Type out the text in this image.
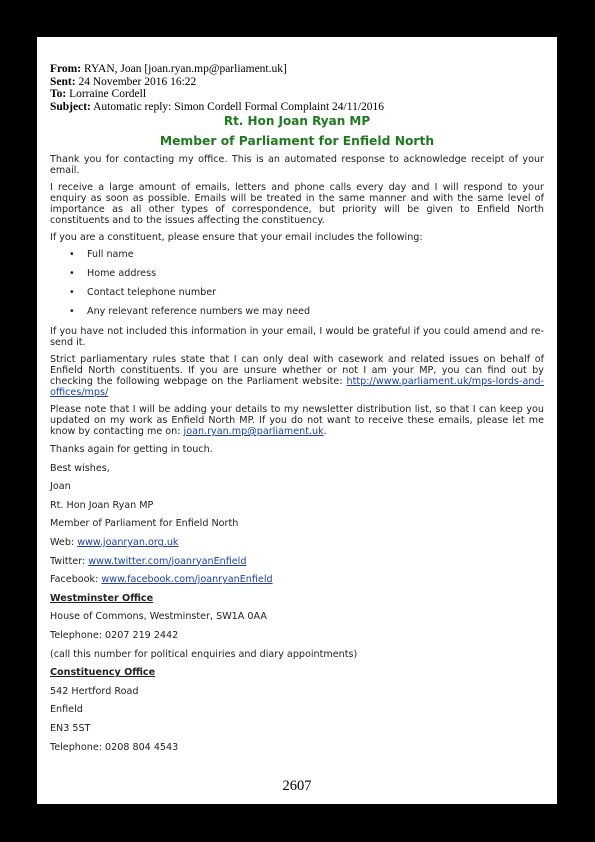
From: RYAN, Joan [joan.ryan.mp@parliament.uk]
Sent: 24 November 2016 16:22
To: Lorraine Cordell
Subject: Automatic reply: Simon Cordell Formal Complaint 24/11/2016
Rt. Hon Joan Ryan MP
Member of Parliament for Enfield North

Thank you for contacting my office. This is an automated response to acknowledge receipt of your email.

I receive a large amount of emails, letters and phone calls every day and I will respond to your enquiry as soon as possible. Emails will be treated in the same manner and with the same level of importance as all other types of correspondence, but priority will be given to Enfield North constituents and to the issues affecting the constituency.

If you are a constituent, please ensure that your email includes the following:

• Full name
• Home address
• Contact telephone number
• Any relevant reference numbers we may need

If you have not included this information in your email, I would be grateful if you could amend and re-send it.

Strict parliamentary rules state that I can only deal with casework and related issues on behalf of Enfield North constituents. If you are unsure whether or not I am your MP, you can find out by checking the following webpage on the Parliament website: http://www.parliament.uk/mps-lords-and-offices/mps/

Please note that I will be adding your details to my newsletter distribution list, so that I can keep you updated on my work as Enfield North MP. If you do not want to receive these emails, please let me know by contacting me on: joan.ryan.mp@parliament.uk.

Thanks again for getting in touch.
Best wishes,
Joan
Rt. Hon Joan Ryan MP
Member of Parliament for Enfield North
Web: www.joanryan.org.uk
Twitter: www.twitter.com/joanryanEnfield
Facebook: www.facebook.com/joanryanEnfield
Westminster Office
House of Commons, Westminster, SW1A 0AA
Telephone: 0207 219 2442
(call this number for political enquiries and diary appointments)
Constituency Office
542 Hertford Road
Enfield
EN3 5ST
Telephone: 0208 804 4543
2607
